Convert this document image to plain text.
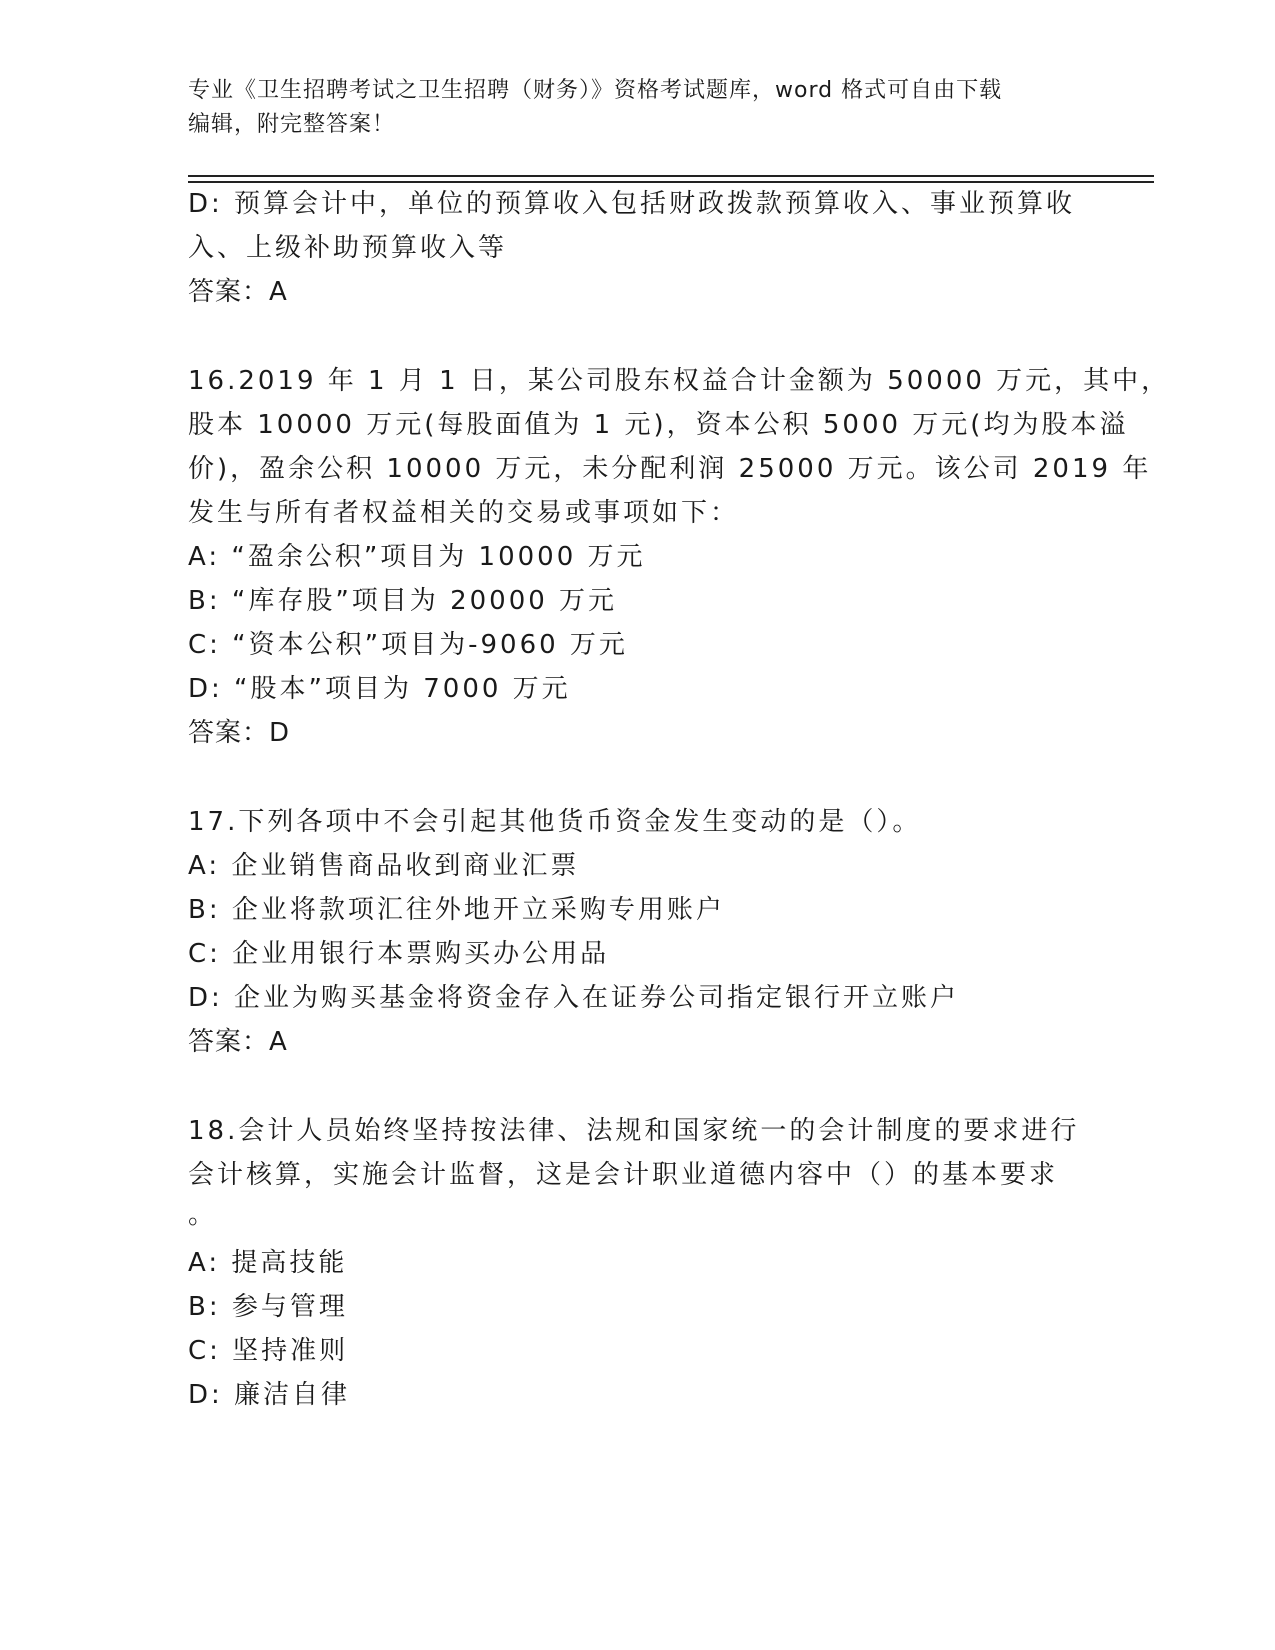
专业《卫生招聘考试之卫生招聘（财务）》资格考试题库，word 格式可自由下载
编辑，附完整答案！
D: 预算会计中，单位的预算收入包括财政拨款预算收入、事业预算收
入、上级补助预算收入等
答案：A
16.2019 年 1 月 1 日，某公司股东权益合计金额为 50000 万元，其中，
股本 10000 万元(每股面值为 1 元)，资本公积 5000 万元(均为股本溢
价)，盈余公积 10000 万元，未分配利润 25000 万元。该公司 2019 年
发生与所有者权益相关的交易或事项如下：
A: “盈余公积”项目为 10000 万元
B: “库存股”项目为 20000 万元
C: “资本公积”项目为-9060 万元
D: “股本”项目为 7000 万元
答案：D
17.下列各项中不会引起其他货币资金发生变动的是（）。
A: 企业销售商品收到商业汇票
B: 企业将款项汇往外地开立采购专用账户
C: 企业用银行本票购买办公用品
D: 企业为购买基金将资金存入在证券公司指定银行开立账户
答案：A
18.会计人员始终坚持按法律、法规和国家统一的会计制度的要求进行
会计核算，实施会计监督，这是会计职业道德内容中（）的基本要求
。
A: 提高技能
B: 参与管理
C: 坚持准则
D: 廉洁自律
